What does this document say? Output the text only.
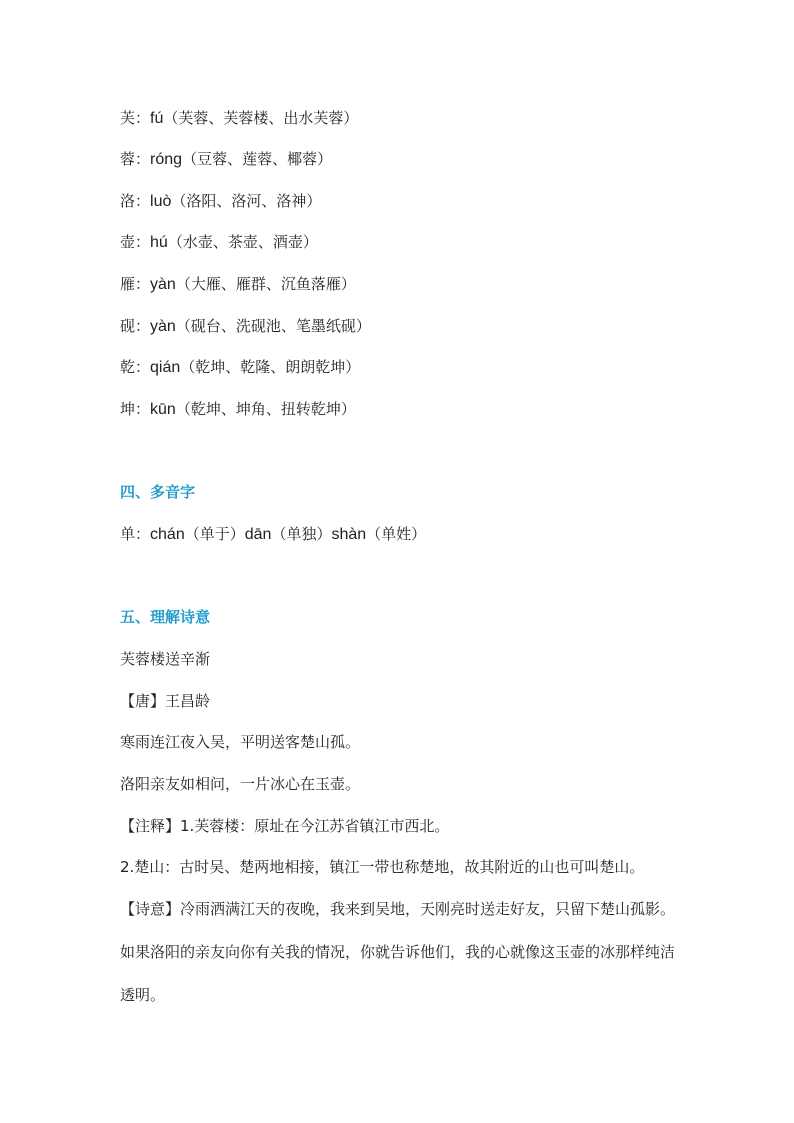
芙：fú（芙蓉、芙蓉楼、出水芙蓉）
蓉：róng（豆蓉、莲蓉、椰蓉）
洛：luò（洛阳、洛河、洛神）
壶：hú（水壶、茶壶、酒壶）
雁：yàn（大雁、雁群、沉鱼落雁）
砚：yàn（砚台、洗砚池、笔墨纸砚）
乾：qián（乾坤、乾隆、朗朗乾坤）
坤：kūn（乾坤、坤角、扭转乾坤）
四、多音字
单：chán（单于）dān（单独）shàn（单姓）
五、理解诗意
芙蓉楼送辛渐
【唐】王昌龄
寒雨连江夜入吴，平明送客楚山孤。
洛阳亲友如相问，一片冰心在玉壶。
【注释】1.芙蓉楼：原址在今江苏省镇江市西北。
2.楚山：古时吴、楚两地相接，镇江一带也称楚地，故其附近的山也可叫楚山。
【诗意】冷雨洒满江天的夜晚，我来到吴地，天刚亮时送走好友，只留下楚山孤影。如果洛阳的亲友向你有关我的情况，你就告诉他们，我的心就像这玉壶的冰那样纯洁透明。
